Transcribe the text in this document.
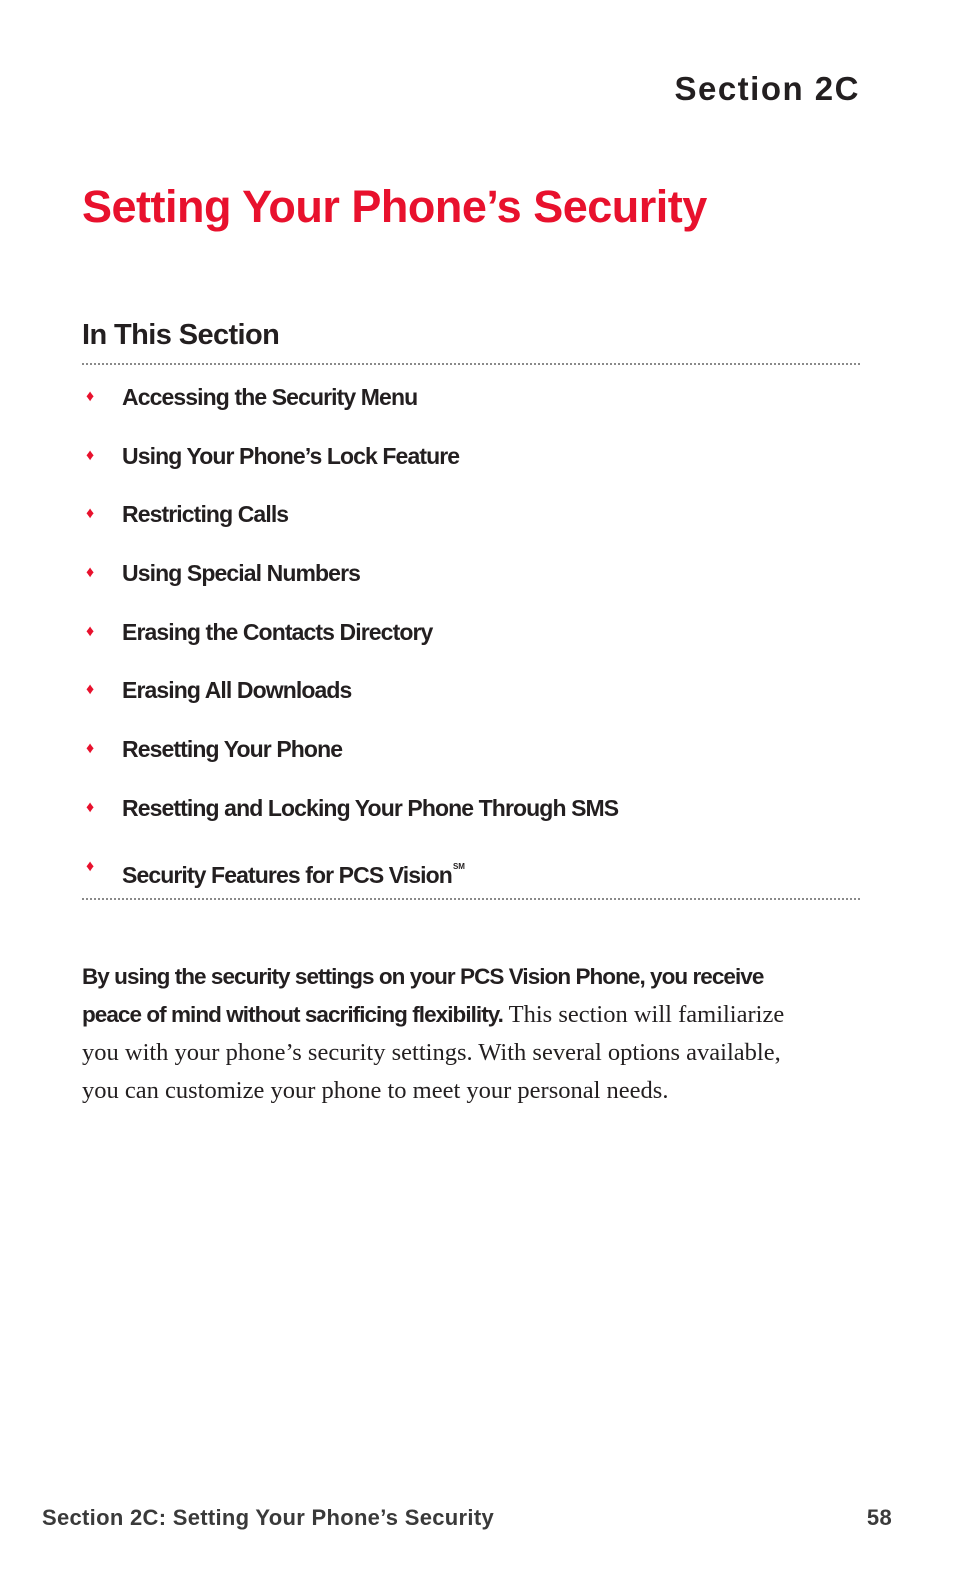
Section 2C
Setting Your Phone’s Security
In This Section
♦	Accessing the Security Menu
♦	Using Your Phone’s Lock Feature
♦	Restricting Calls
♦	Using Special Numbers
♦	Erasing the Contacts Directory
♦	Erasing All Downloads
♦	Resetting Your Phone
♦	Resetting and Locking Your Phone Through SMS
♦	Security Features for PCS Vision℠

By using the security settings on your PCS Vision Phone, you receive peace of mind without sacrificing flexibility. This section will familiarize you with your phone’s security settings. With several options available, you can customize your phone to meet your personal needs.

Section 2C: Setting Your Phone’s Security	58
